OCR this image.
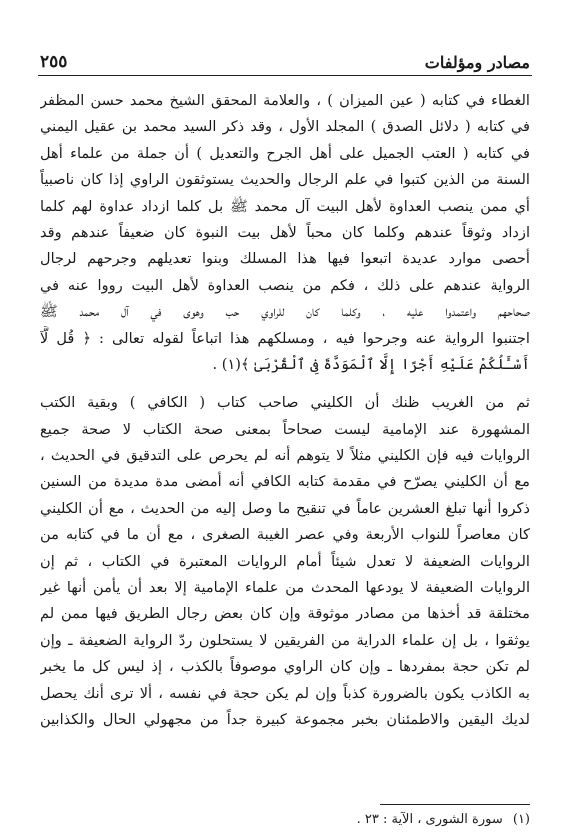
مصادر ومؤلفات
٢٥٥
الغطاء في كتابه ( عين الميزان ) ، والعلامة المحقق الشيخ محمد حسن المظفر
في كتابه ( دلائل الصدق ) المجلد الأول ، وقد ذكر السيد محمد بن عقيل اليمني
في كتابه ( العتب الجميل على أهل الجرح والتعديل ) أن جملة من علماء أهل
السنة من الذين كتبوا في علم الرجال والحديث يستوثقون الراوي إذا كان ناصبياً
أي ممن ينصب العداوة لأهل البيت آل محمد ﷺ بل كلما ازداد عداوة لهم كلما
ازداد وثوقاً عندهم وكلما كان محباً لأهل بيت النبوة كان ضعيفاً عندهم وقد
أحصى موارد عديدة اتبعوا فيها هذا المسلك وبنوا تعديلهم وجرحهم لرجال
الرواية عندهم على ذلك ، فكم من ينصب العداوة لأهل البيت رووا عنه في
صحاحهم واعتمدوا عليه ، وكلما كان للراوي حب وهوى في آل محمد ﷺ
اجتنبوا الرواية عنه وجرحوا فيه ، ومسلكهم هذا اتباعاً لقوله تعالى : ﴿ قُل لَّآ
أَسْـَٔلُكُمْ عَلَيْهِ أَجْرًا إِلَّا ٱلْمَوَدَّةَ فِى ٱلْقُرْبَىٰ ﴾(١) .
ثم من الغريب ظنك أن الكليني صاحب كتاب ( الكافي ) وبقية الكتب
المشهورة عند الإمامية ليست صحاحاً بمعنى صحة الكتاب لا صحة جميع
الروايات فيه فإن الكليني مثلاً لا يتوهم أنه لم يحرص على التدقيق في الحديث ،
مع أن الكليني يصرّح في مقدمة كتابه الكافي أنه أمضى مدة مديدة من السنين
ذكروا أنها تبلغ العشرين عاماً في تنقيح ما وصل إليه من الحديث ، مع أن الكليني
كان معاصراً للنواب الأربعة وفي عصر الغيبة الصغرى ، مع أن ما في كتابه من
الروايات الضعيفة لا تعدل شيئاً أمام الروايات المعتبرة في الكتاب ، ثم إن
الروايات الضعيفة لا يودعها المحدث من علماء الإمامية إلا بعد أن يأمن أنها غير
مختلقة قد أخذها من مصادر موثوقة وإن كان بعض رجال الطريق فيها ممن لم
يوثقوا ، بل إن علماء الدراية من الفريقين لا يستحلون ردّ الرواية الضعيفة ـ وإن
لم تكن حجة بمفردها ـ وإن كان الراوي موصوفاً بالكذب ، إذ ليس كل ما يخبر
به الكاذب يكون بالضرورة كذباً وإن لم يكن حجة في نفسه ، ألا ترى أنك يحصل
لديك اليقين والاطمئنان بخبر مجموعة كبيرة جداً من مجهولي الحال والكذابين
(١) سورة الشورى ، الآية : ٢٣ .
